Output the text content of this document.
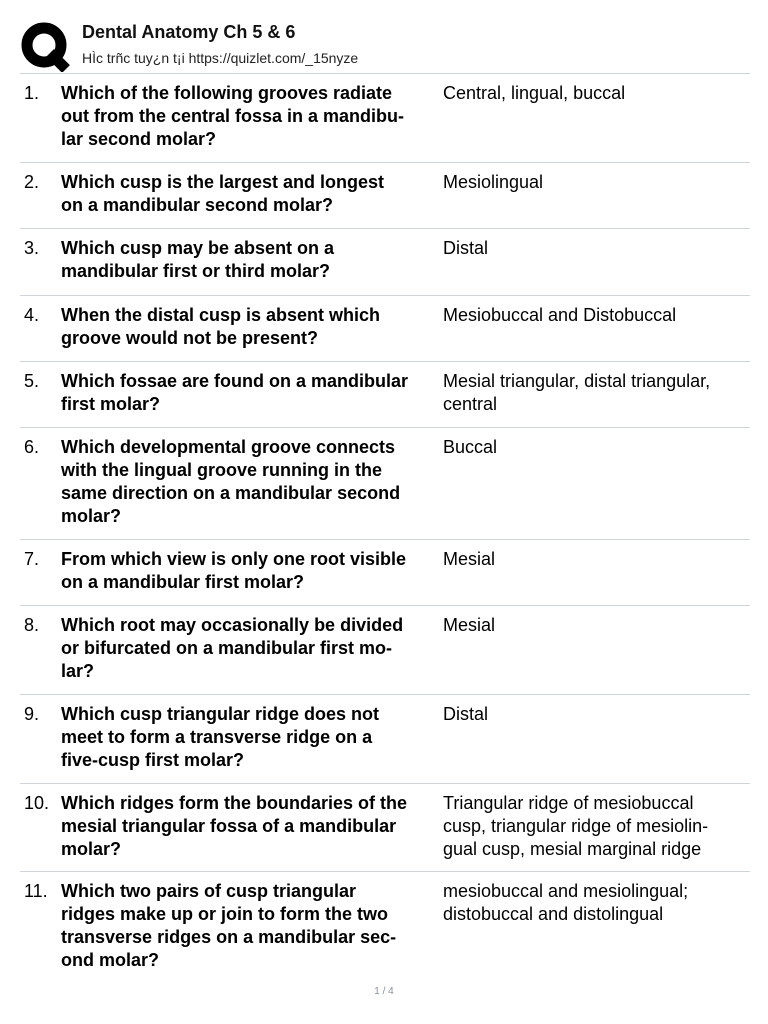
Dental Anatomy Ch 5 & 6
HÌc trñc tuy¿n t¡i https://quizlet.com/_15nyze
1. Which of the following grooves radiate
out from the central fossa in a mandibu-
lar second molar?
Central, lingual, buccal
2. Which cusp is the largest and longest
on a mandibular second molar?
Mesiolingual
3. Which cusp may be absent on a
mandibular first or third molar?
Distal
4. When the distal cusp is absent which
groove would not be present?
Mesiobuccal and Distobuccal
5. Which fossae are found on a mandibular
first molar?
Mesial triangular, distal triangular,
central
6. Which developmental groove connects
with the lingual groove running in the
same direction on a mandibular second
molar?
Buccal
7. From which view is only one root visible
on a mandibular first molar?
Mesial
8. Which root may occasionally be divided
or bifurcated on a mandibular first mo-
lar?
Mesial
9. Which cusp triangular ridge does not
meet to form a transverse ridge on a
five-cusp first molar?
Distal
10. Which ridges form the boundaries of the
mesial triangular fossa of a mandibular
molar?
Triangular ridge of mesiobuccal
cusp, triangular ridge of mesiolin-
gual cusp, mesial marginal ridge
11. Which two pairs of cusp triangular
ridges make up or join to form the two
transverse ridges on a mandibular sec-
ond molar?
mesiobuccal and mesiolingual;
distobuccal and distolingual
1 / 4
